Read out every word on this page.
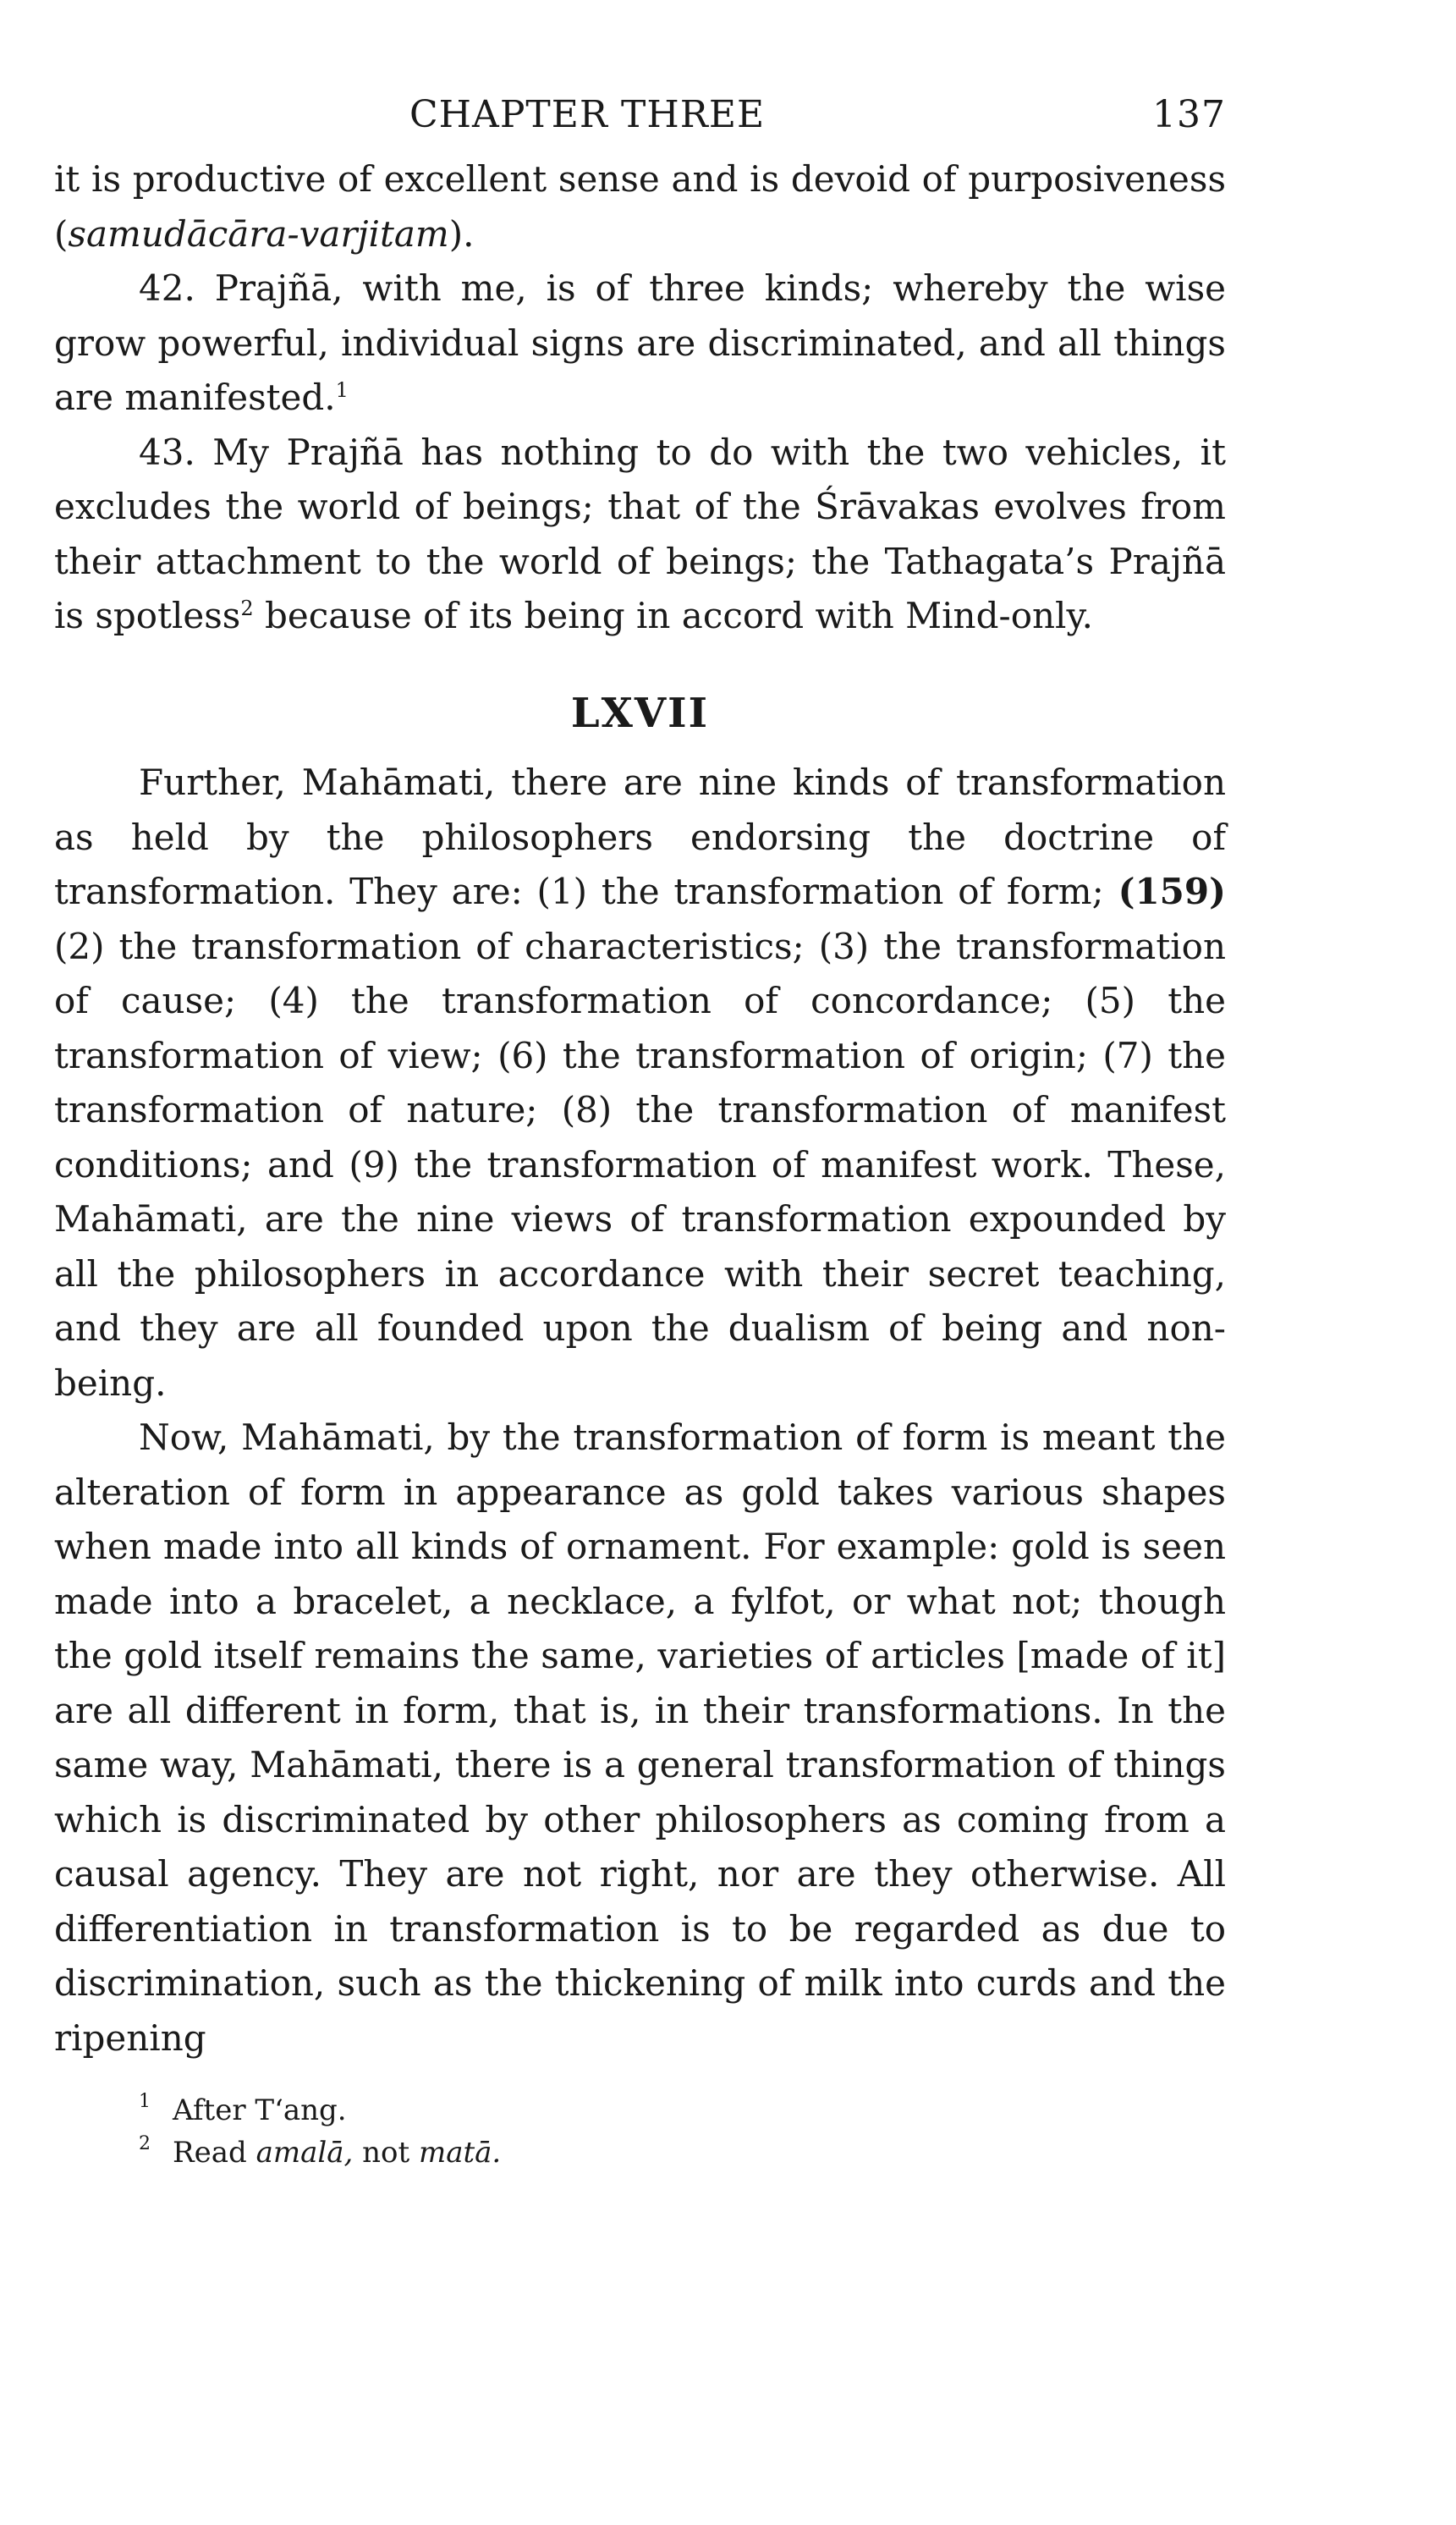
CHAPTER THREE	137

it is productive of excellent sense and is devoid of purposiveness (samudācāra-varjitam).

42. Prajñā, with me, is of three kinds; whereby the wise grow powerful, individual signs are discriminated, and all things are manifested.$^1$

43. My Prajñā has nothing to do with the two vehicles, it excludes the world of beings; that of the Śrāvakas evolves from their attachment to the world of beings; the Tathagata’s Prajñā is spotless$^2$ because of its being in accord with Mind-only.

LXVII

Further, Mahāmati, there are nine kinds of transformation as held by the philosophers endorsing the doctrine of transformation. They are: (1) the transformation of form; (159) (2) the transformation of characteristics; (3) the transformation of cause; (4) the transformation of concordance; (5) the transformation of view; (6) the transformation of origin; (7) the transformation of nature; (8) the transformation of manifest conditions; and (9) the transformation of manifest work. These, Mahāmati, are the nine views of transformation expounded by all the philosophers in accordance with their secret teaching, and they are all founded upon the dualism of being and non-being.

Now, Mahāmati, by the transformation of form is meant the alteration of form in appearance as gold takes various shapes when made into all kinds of ornament. For example: gold is seen made into a bracelet, a necklace, a fylfot, or what not; though the gold itself remains the same, varieties of articles [made of it] are all different in form, that is, in their transformations. In the same way, Mahāmati, there is a general transformation of things which is discriminated by other philosophers as coming from a causal agency. They are not right, nor are they otherwise. All differentiation in transformation is to be regarded as due to discrimination, such as the thickening of milk into curds and the ripening

1 After T‘ang.
2 Read amalā, not matā.
